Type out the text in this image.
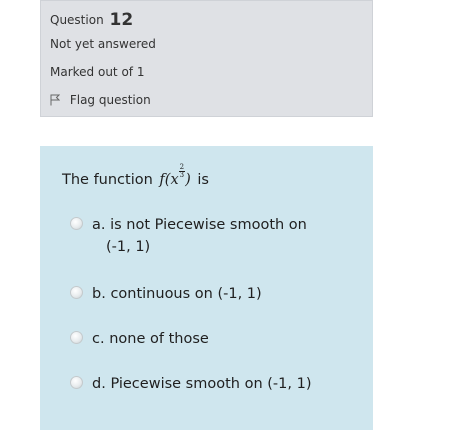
Question 12
Not yet answered
Marked out of 1
Flag question
The function f(x
$\frac{2}{3}$
) is
a. is not Piecewise smooth on
(-1, 1)
b. continuous on (-1, 1)
c. none of those
d. Piecewise smooth on (-1, 1)
